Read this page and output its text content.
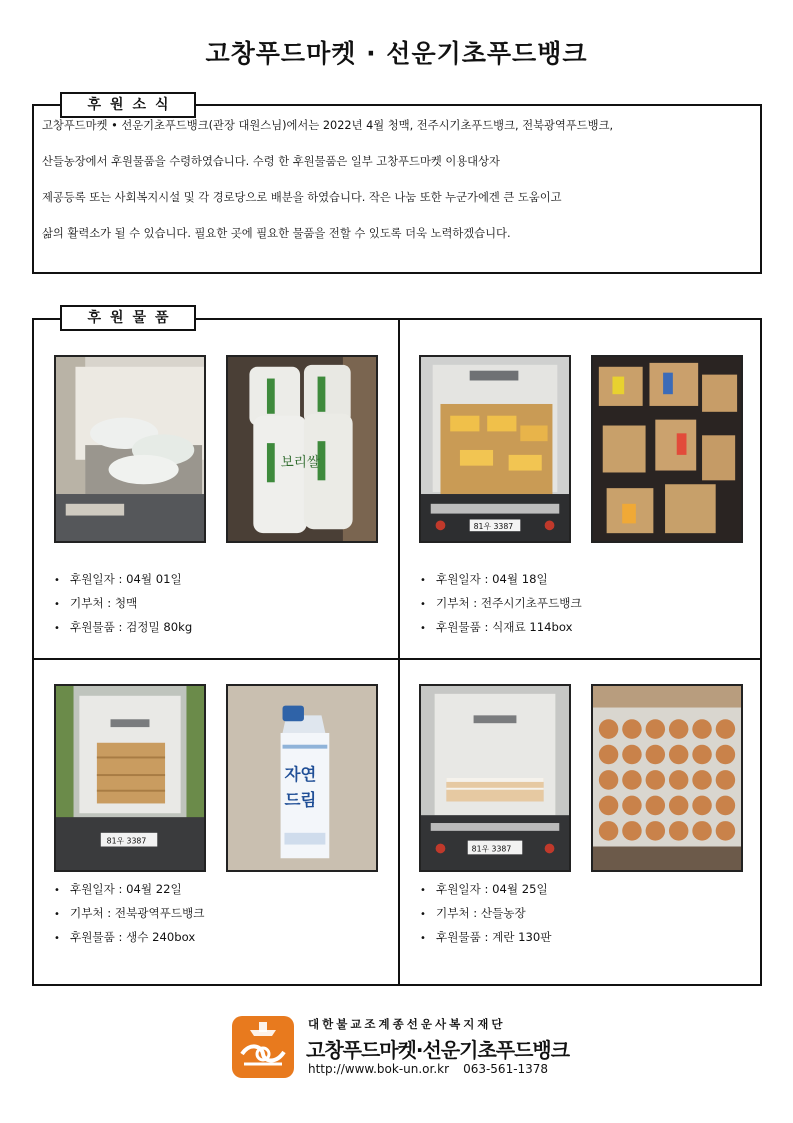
고창푸드마켓 · 선운기초푸드뱅크
고창푸드마켓 • 선운기초푸드뱅크(관장 대원스님)에서는 2022년 4월 청맥, 전주시기초푸드뱅크, 전북광역푸드뱅크,
산들농장에서 후원물품을 수령하였습니다. 수령 한 후원물품은 일부 고창푸드마켓 이용대상자
제공등록 또는 사회복지시설 및 각 경로당으로 배분을 하였습니다. 작은 나눔 또한 누군가에겐 큰 도움이고
삶의 활력소가 될 수 있습니다. 필요한 곳에 필요한 물품을 전할 수 있도록 더욱 노력하겠습니다.
후원소식
보리쌀
• 후원일자 : 04월 01일
• 기부처 : 청맥
• 후원물품 : 검정밀 80kg
81우 3387
• 후원일자 : 04월 18일
• 기부처 : 전주시기초푸드뱅크
• 후원물품 : 식재료 114box
81우 3387
자연
드림
• 후원일자 : 04월 22일
• 기부처 : 전북광역푸드뱅크
• 후원물품 : 생수 240box
81우 3387
• 후원일자 : 04월 25일
• 기부처 : 산들농장
• 후원물품 : 계란 130판
후원물품
대한불교조계종선운사복지재단
고창푸드마켓·선운기초푸드뱅크
http://www.bok-un.or.kr 063-561-1378
